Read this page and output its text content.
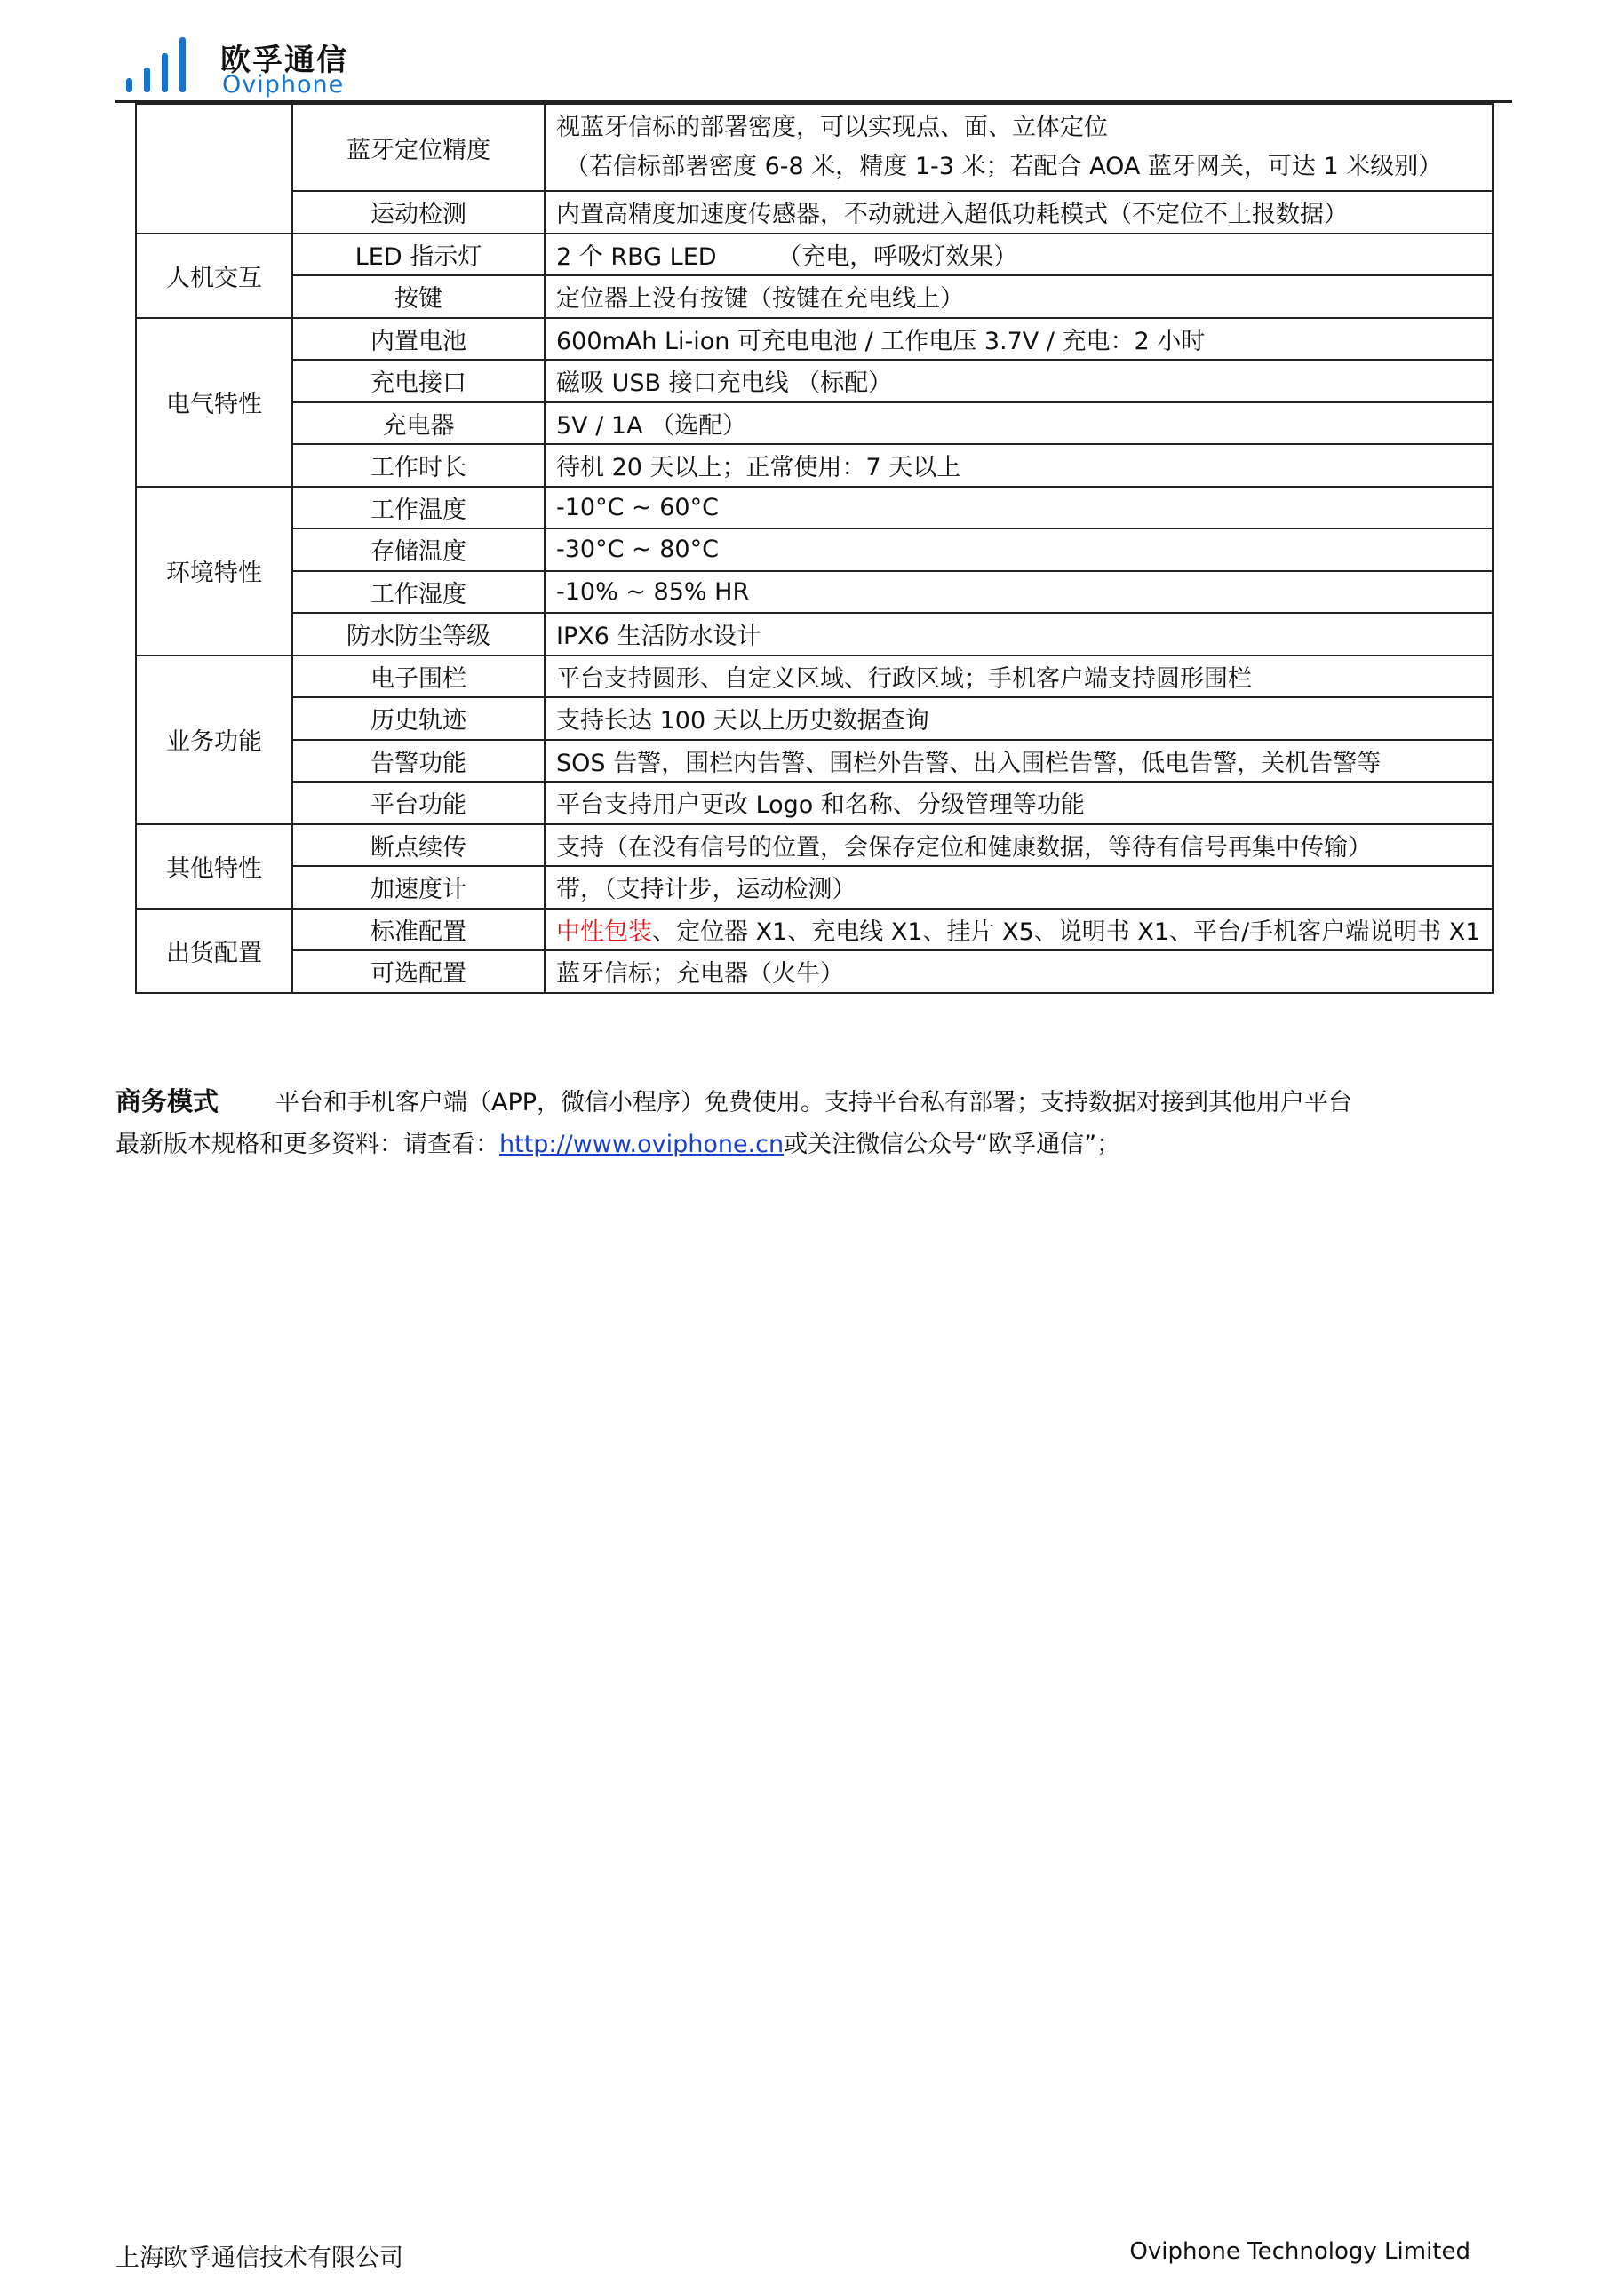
欧孚通信
Oviphone
	蓝牙定位精度	视蓝牙信标的部署密度，可以实现点、面、立体定位
（若信标部署密度 6-8 米，精度 1-3 米；若配合 AOA 蓝牙网关，可达 1 米级别）

	运动检测	内置高精度加速度传感器，不动就进入超低功耗模式（不定位不上报数据）
人机交互	LED 指示灯	2 个 RBG LED        （充电，呼吸灯效果）
	按键	定位器上没有按键（按键在充电线上）
电气特性	内置电池	600mAh Li-ion 可充电电池 / 工作电压 3.7V / 充电：2 小时
	充电接口	磁吸 USB 接口充电线 （标配）
	充电器	5V / 1A （选配）
	工作时长	待机 20 天以上；正常使用：7 天以上
环境特性	工作温度	-10°C ~ 60°C
	存储温度	-30°C ~ 80°C
	工作湿度	-10% ~ 85% HR
	防水防尘等级	IPX6 生活防水设计
业务功能	电子围栏	平台支持圆形、自定义区域、行政区域；手机客户端支持圆形围栏
	历史轨迹	支持长达 100 天以上历史数据查询
	告警功能	SOS 告警，围栏内告警、围栏外告警、出入围栏告警，低电告警，关机告警等
	平台功能	平台支持用户更改 Logo 和名称、分级管理等功能
其他特性	断点续传	支持（在没有信号的位置，会保存定位和健康数据，等待有信号再集中传输）
	加速度计	带，（支持计步，运动检测）
出货配置	标准配置	中性包装、定位器 X1、充电线 X1、挂片 X5、说明书 X1、平台/手机客户端说明书 X1
	可选配置	蓝牙信标；充电器（火牛）
商务模式 平台和手机客户端（APP，微信小程序）免费使用。支持平台私有部署；支持数据对接到其他用户平台
最新版本规格和更多资料：请查看：http://www.oviphone.cn或关注微信公众号“欧孚通信”；
上海欧孚通信技术有限公司	Oviphone Technology Limited
